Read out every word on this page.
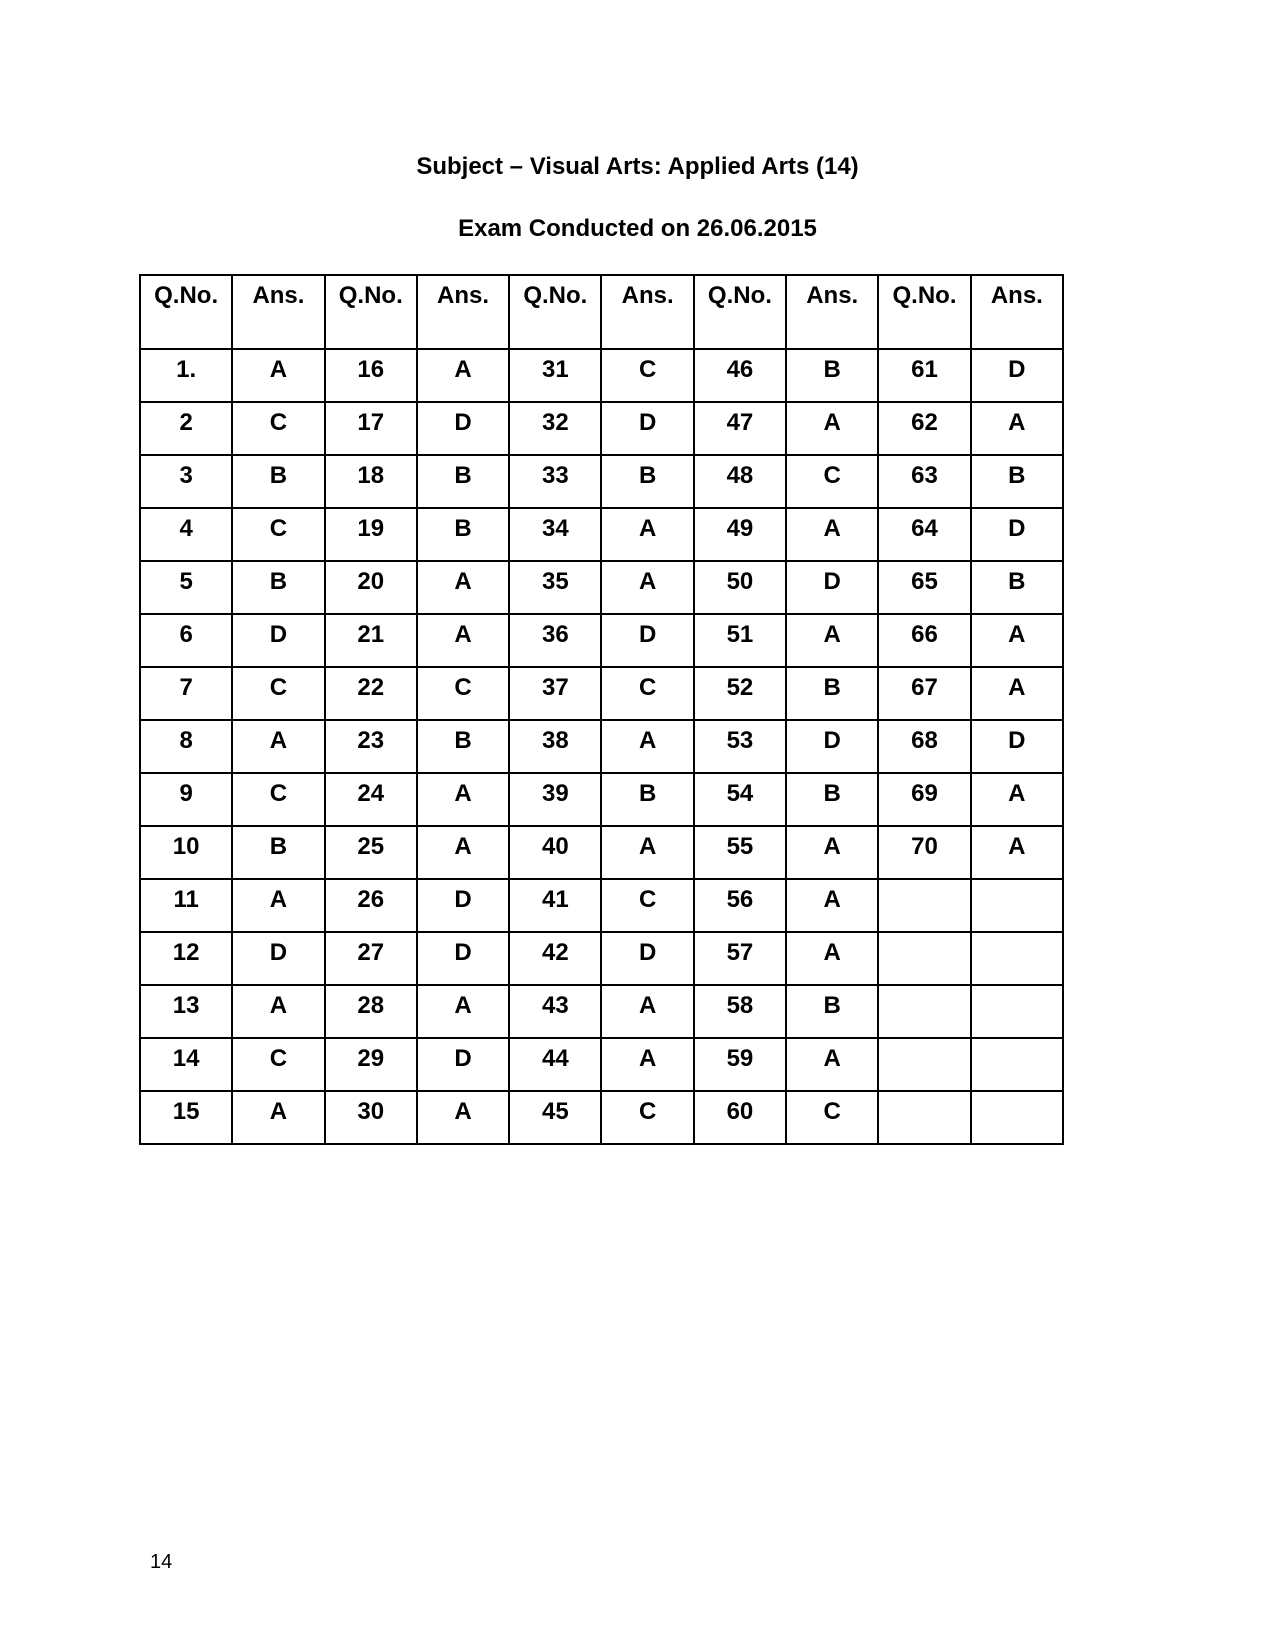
Subject – Visual Arts: Applied Arts (14)
Exam Conducted on 26.06.2015
Q.No.	Ans.	Q.No.	Ans.	Q.No.	Ans.	Q.No.	Ans.	Q.No.	Ans.
1.	A	16	A	31	C	46	B	61	D
2	C	17	D	32	D	47	A	62	A
3	B	18	B	33	B	48	C	63	B
4	C	19	B	34	A	49	A	64	D
5	B	20	A	35	A	50	D	65	B
6	D	21	A	36	D	51	A	66	A
7	C	22	C	37	C	52	B	67	A
8	A	23	B	38	A	53	D	68	D
9	C	24	A	39	B	54	B	69	A
10	B	25	A	40	A	55	A	70	A
11	A	26	D	41	C	56	A		
12	D	27	D	42	D	57	A		
13	A	28	A	43	A	58	B		
14	C	29	D	44	A	59	A		
15	A	30	A	45	C	60	C		
14
